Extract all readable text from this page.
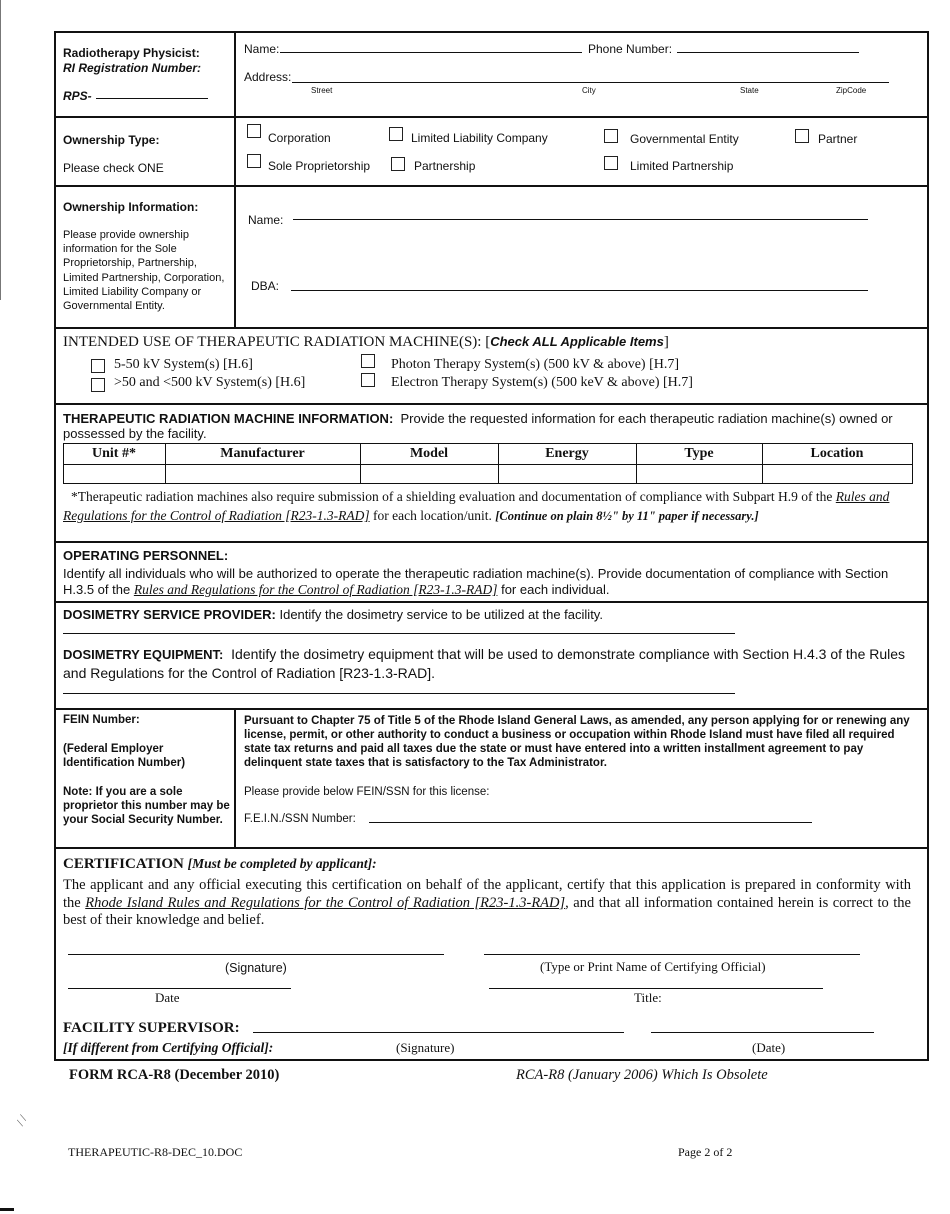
Radiotherapy Physicist:
RI Registration Number:
RPS-
Name:	Phone Number:
Address:
Street	City	State	ZipCode
Ownership Type:
Please check ONE
Corporation	Limited Liability Company	Governmental Entity	Partner
Sole Proprietorship	Partnership	Limited Partnership
Ownership Information:
Please provide ownership information for the Sole Proprietorship, Partnership, Limited Partnership, Corporation, Limited Liability Company or Governmental Entity.
Name:
DBA:
INTENDED USE OF THERAPEUTIC RADIATION MACHINE(S): [Check ALL Applicable Items]
5-50 kV System(s) [H.6]
>50 and <500 kV System(s) [H.6]
Photon Therapy System(s) (500 kV & above) [H.7]
Electron Therapy System(s) (500 keV & above) [H.7]
THERAPEUTIC RADIATION MACHINE INFORMATION: Provide the requested information for each therapeutic radiation machine(s) owned or possessed by the facility.
Unit #*	Manufacturer	Model	Energy	Type	Location
*Therapeutic radiation machines also require submission of a shielding evaluation and documentation of compliance with Subpart H.9 of the Rules and Regulations for the Control of Radiation [R23-1.3-RAD] for each location/unit. [Continue on plain 8½" by 11" paper if necessary.]
OPERATING PERSONNEL:
Identify all individuals who will be authorized to operate the therapeutic radiation machine(s). Provide documentation of compliance with Section H.3.5 of the Rules and Regulations for the Control of Radiation [R23-1.3-RAD] for each individual.
DOSIMETRY SERVICE PROVIDER: Identify the dosimetry service to be utilized at the facility.
DOSIMETRY EQUIPMENT: Identify the dosimetry equipment that will be used to demonstrate compliance with Section H.4.3 of the Rules and Regulations for the Control of Radiation [R23-1.3-RAD].
FEIN Number:
(Federal Employer Identification Number)
Note: If you are a sole proprietor this number may be your Social Security Number.
Pursuant to Chapter 75 of Title 5 of the Rhode Island General Laws, as amended, any person applying for or renewing any license, permit, or other authority to conduct a business or occupation within Rhode Island must have filed all required state tax returns and paid all taxes due the state or must have entered into a written installment agreement to pay delinquent state taxes that is satisfactory to the Tax Administrator.
Please provide below FEIN/SSN for this license:
F.E.I.N./SSN Number:
CERTIFICATION [Must be completed by applicant]:
The applicant and any official executing this certification on behalf of the applicant, certify that this application is prepared in conformity with the Rhode Island Rules and Regulations for the Control of Radiation [R23-1.3-RAD], and that all information contained herein is correct to the best of their knowledge and belief.
(Signature)	(Type or Print Name of Certifying Official)
Date	Title:
FACILITY SUPERVISOR:
[If different from Certifying Official]:	(Signature)	(Date)
FORM RCA-R8 (December 2010)	RCA-R8 (January 2006) Which Is Obsolete
/ /
THERAPEUTIC-R8-DEC_10.DOC	Page 2 of 2
